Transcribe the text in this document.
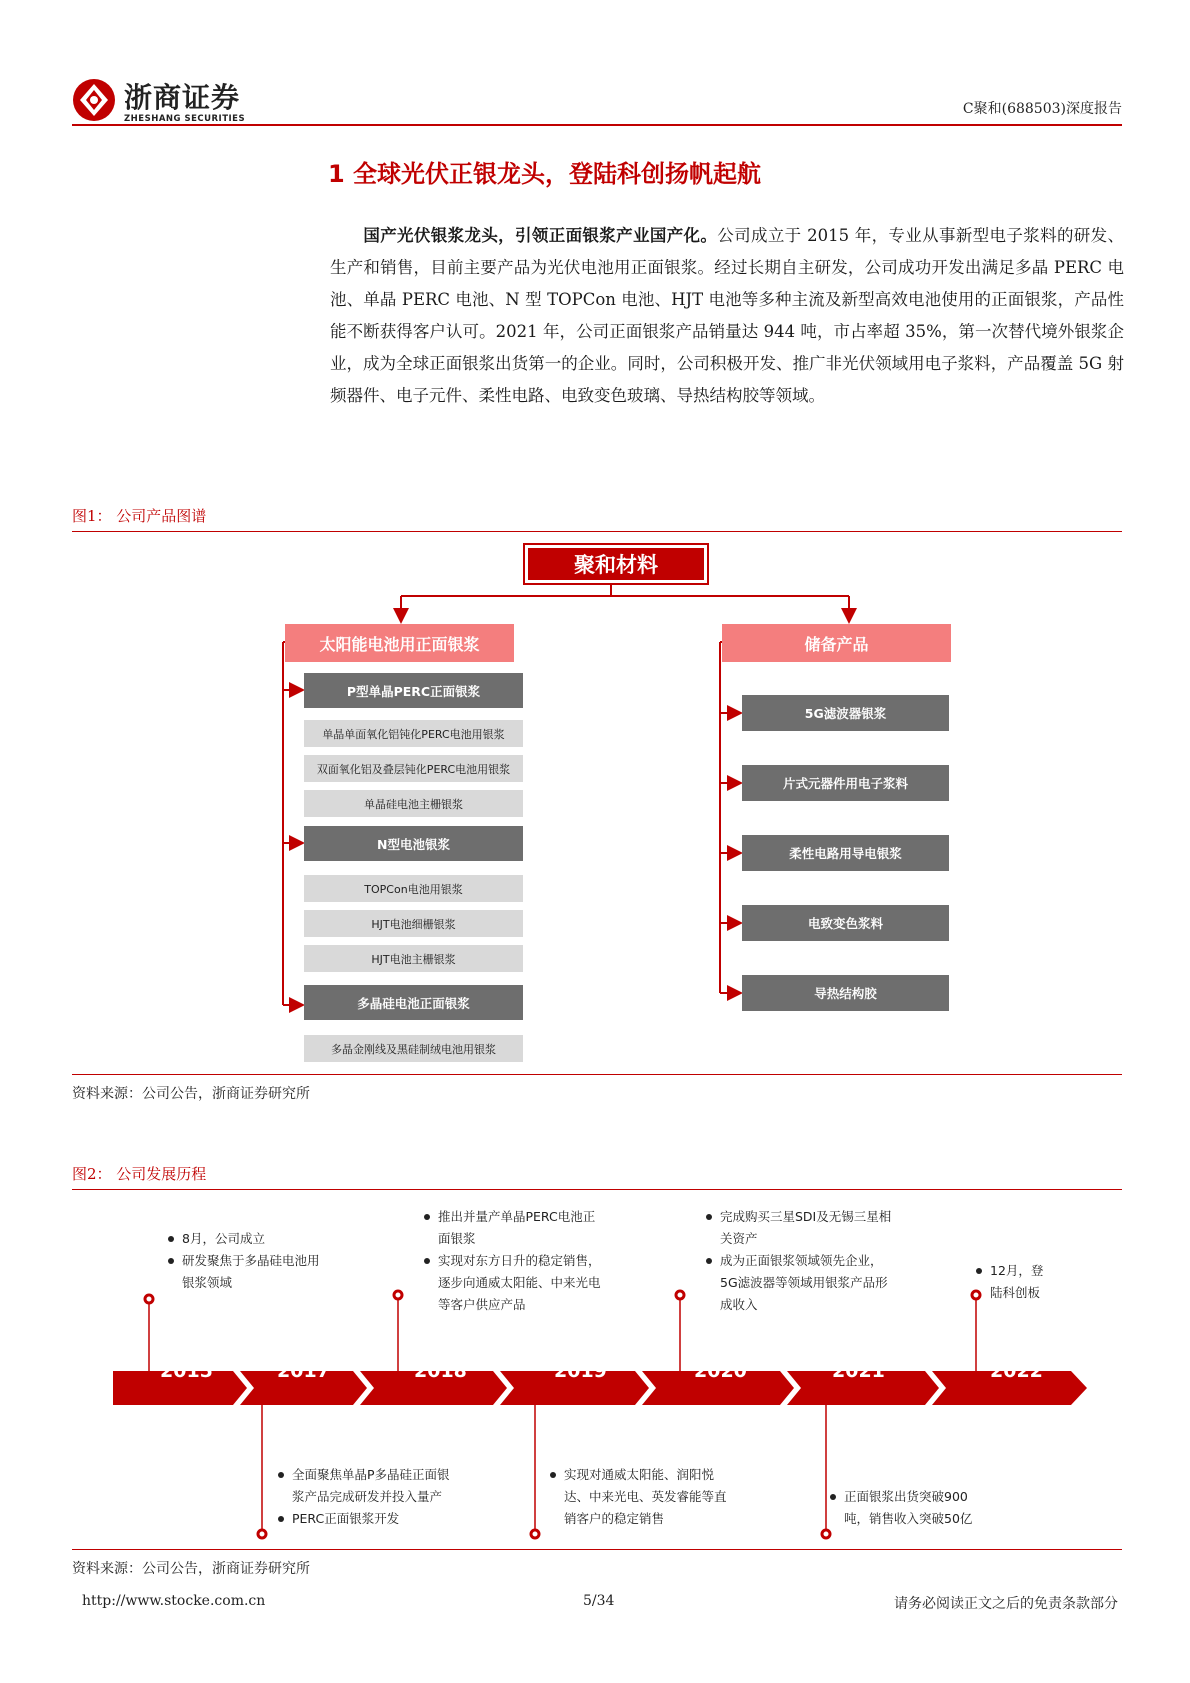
浙商证券
ZHESHANG SECURITIES
C聚和(688503)深度报告
1 全球光伏正银龙头，登陆科创扬帆起航
国产光伏银浆龙头，引领正面银浆产业国产化。公司成立于 2015 年，专业从事新型电子浆料的研发、生产和销售，目前主要产品为光伏电池用正面银浆。经过长期自主研发，公司成功开发出满足多晶 PERC 电池、单晶 PERC 电池、N 型 TOPCon 电池、HJT 电池等多种主流及新型高效电池使用的正面银浆，产品性能不断获得客户认可。2021 年，公司正面银浆产品销量达 944 吨，市占率超 35%，第一次替代境外银浆企业，成为全球正面银浆出货第一的企业。同时，公司积极开发、推广非光伏领域用电子浆料，产品覆盖 5G 射频器件、电子元件、柔性电路、电致变色玻璃、导热结构胶等领域。
图1： 公司产品图谱
聚和材料
太阳能电池用正面银浆	储备产品
P型单晶PERC正面银浆
单晶单面氧化铝钝化PERC电池用银浆
双面氧化铝及叠层钝化PERC电池用银浆
单晶硅电池主栅银浆
N型电池银浆
TOPCon电池用银浆
HJT电池细栅银浆
HJT电池主栅银浆
多晶硅电池正面银浆
多晶金刚线及黑硅制绒电池用银浆
5G滤波器银浆
片式元器件用电子浆料
柔性电路用导电银浆
电致变色浆料
导热结构胶
资料来源：公司公告，浙商证券研究所
图2： 公司发展历程
2015	2017	2018	2019	2020	2021	2022
8月，公司成立
研发聚焦于多晶硅电池用银浆领域
推出并量产单晶PERC电池正面银浆
实现对东方日升的稳定销售，逐步向通威太阳能、中来光电等客户供应产品
完成购买三星SDI及无锡三星相关资产
成为正面银浆领域领先企业，5G滤波器等领域用银浆产品形成收入
12月，登陆科创板
全面聚焦单晶P多晶硅正面银浆产品完成研发并投入量产
PERC正面银浆开发
实现对通威太阳能、润阳悦达、中来光电、英发睿能等直销客户的稳定销售
正面银浆出货突破900吨，销售收入突破50亿
资料来源：公司公告，浙商证券研究所
http://www.stocke.com.cn	5/34	请务必阅读正文之后的免责条款部分
